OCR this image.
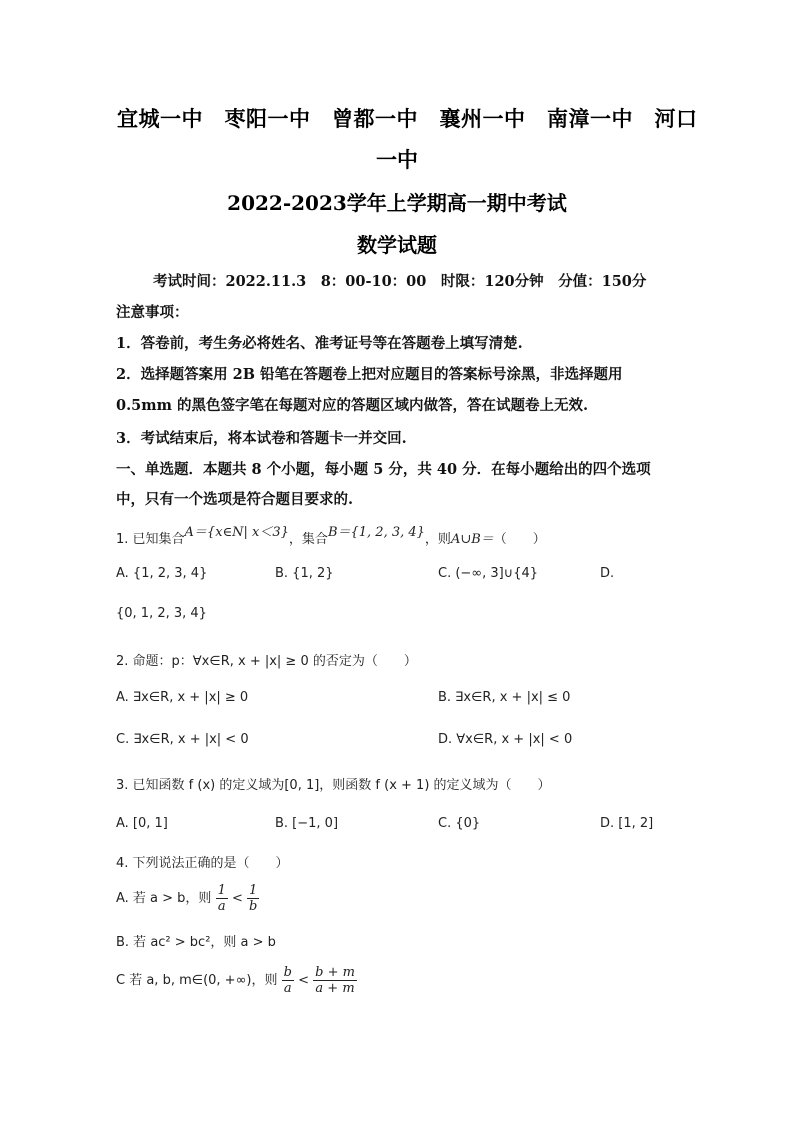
宜城一中　枣阳一中　曾都一中　襄州一中　南漳一中　河口
一中
2022-2023学年上学期高一期中考试
数学试题
考试时间：2022.11.3　8：00-10：00　时限：120分钟　分值：150分
注意事项：
1．答卷前，考生务必将姓名、准考证号等在答题卷上填写清楚.
2．选择题答案用 2B 铅笔在答题卷上把对应题目的答案标号涂黑，非选择题用
0.5mm 的黑色签字笔在每题对应的答题区域内做答，答在试题卷上无效.
3．考试结束后，将本试卷和答题卡一并交回.
一、单选题．本题共 8 个小题，每小题 5 分，共 40 分．在每小题给出的四个选项
中，只有一个选项是符合题目要求的.
1. 已知集合A＝{x∈N| x＜3}，集合B＝{1, 2, 3, 4}，则A∪B＝（　　）
A. {1, 2, 3, 4}	B. {1, 2}	C. (−∞, 3]∪{4}	D.
{0, 1, 2, 3, 4}
2. 命题：p：∀x∈R, x + |x| ≥ 0 的否定为（　　）
A. ∃x∈R, x + |x| ≥ 0	B. ∃x∈R, x + |x| ≤ 0
C. ∃x∈R, x + |x| < 0	D. ∀x∈R, x + |x| < 0
3. 已知函数 f (x) 的定义域为[0, 1]，则函数 f (x + 1) 的定义域为（　　）
A. [0, 1]	B. [−1, 0]	C. {0}	D. [1, 2]
4. 下列说法正确的是（　　）
A. 若 a > b，则 $\frac{1}{a} < \frac{1}{b}$
B. 若 ac² > bc²，则 a > b
C 若 a, b, m∈(0, +∞)，则 $\frac{b}{a} < \frac{b + m}{a + m}$
